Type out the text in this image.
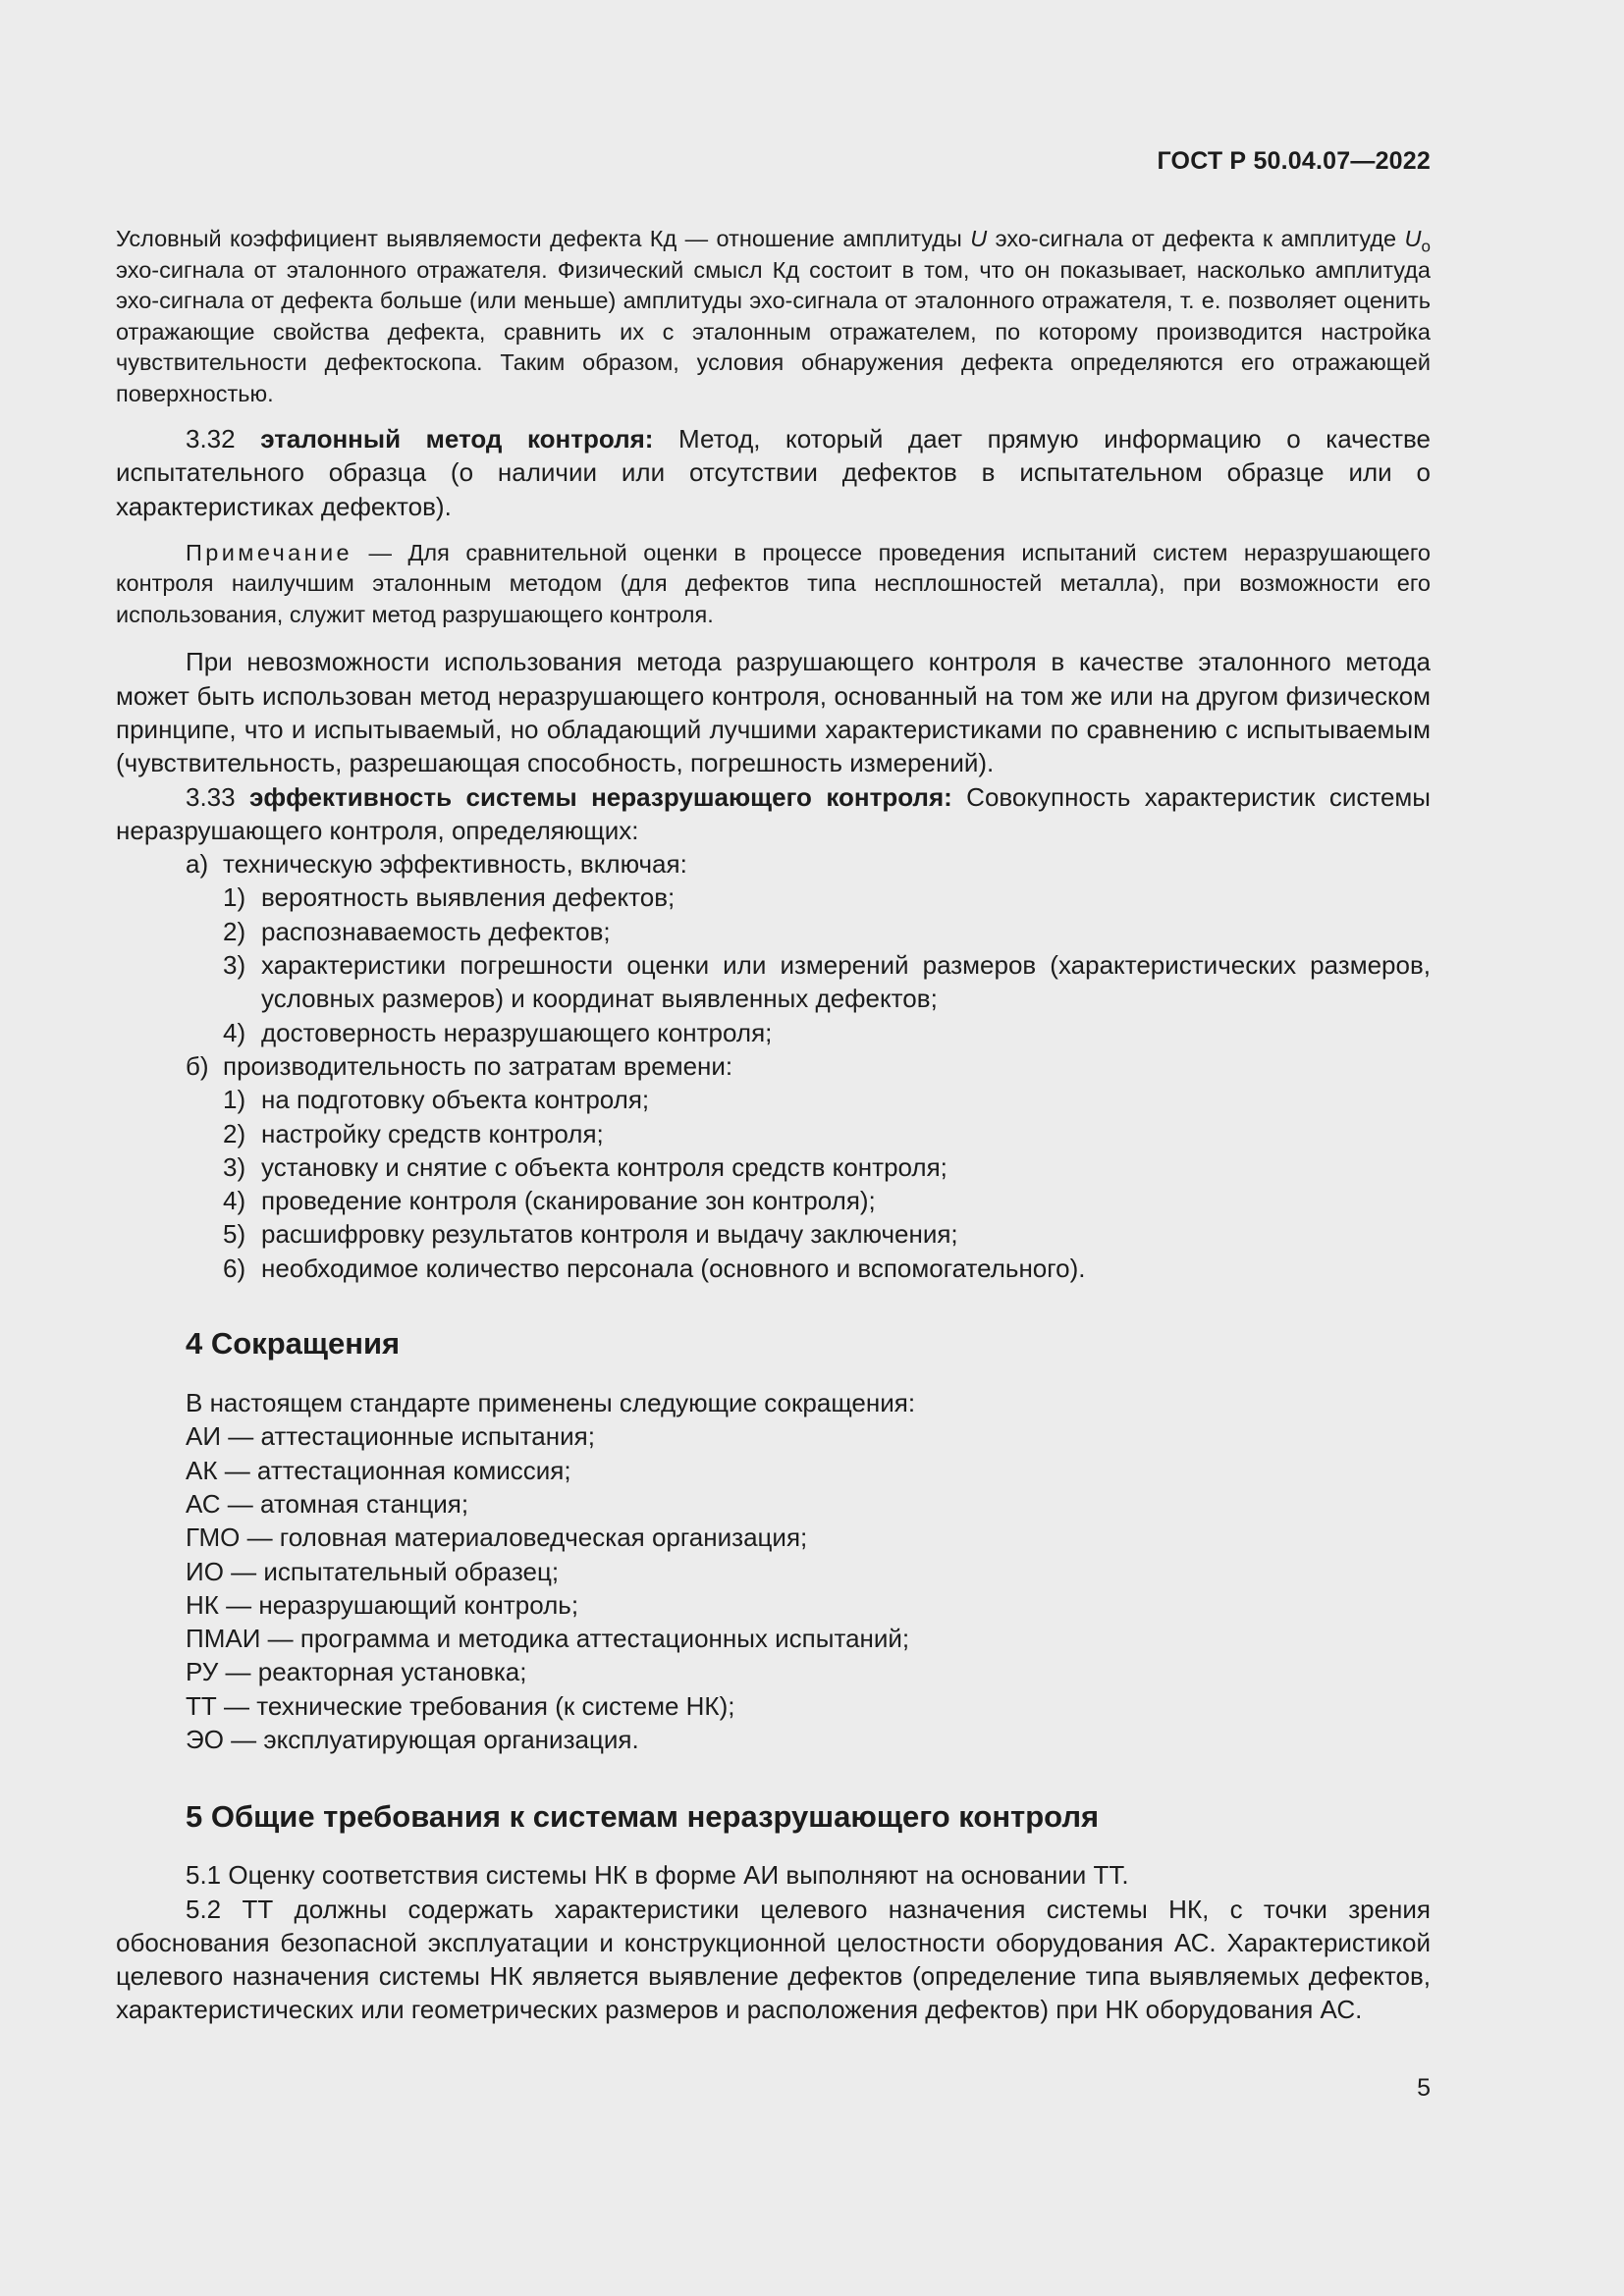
ГОСТ Р 50.04.07—2022

Условный коэффициент выявляемости дефекта Кд — отношение амплитуды U эхо-сигнала от дефекта к амплитуде $U_о$ эхо-сигнала от эталонного отражателя. Физический смысл Кд состоит в том, что он показывает, насколько амплитуда эхо-сигнала от дефекта больше (или меньше) амплитуды эхо-сигнала от эталонного отражателя, т. е. позволяет оценить отражающие свойства дефекта, сравнить их с эталонным отражателем, по которому производится настройка чувствительности дефектоскопа. Таким образом, условия обнаружения дефекта определяются его отражающей поверхностью.

3.32 эталонный метод контроля: Метод, который дает прямую информацию о качестве испытательного образца (о наличии или отсутствии дефектов в испытательном образце или о характеристиках дефектов).

Примечание — Для сравнительной оценки в процессе проведения испытаний систем неразрушающего контроля наилучшим эталонным методом (для дефектов типа несплошностей металла), при возможности его использования, служит метод разрушающего контроля.

При невозможности использования метода разрушающего контроля в качестве эталонного метода может быть использован метод неразрушающего контроля, основанный на том же или на другом физическом принципе, что и испытываемый, но обладающий лучшими характеристиками по сравнению с испытываемым (чувствительность, разрешающая способность, погрешность измерений).

3.33 эффективность системы неразрушающего контроля: Совокупность характеристик системы неразрушающего контроля, определяющих:

а) техническую эффективность, включая:
1) вероятность выявления дефектов;
2) распознаваемость дефектов;
3) характеристики погрешности оценки или измерений размеров (характеристических размеров, условных размеров) и координат выявленных дефектов;
4) достоверность неразрушающего контроля;
б) производительность по затратам времени:
1) на подготовку объекта контроля;
2) настройку средств контроля;
3) установку и снятие с объекта контроля средств контроля;
4) проведение контроля (сканирование зон контроля);
5) расшифровку результатов контроля и выдачу заключения;
6) необходимое количество персонала (основного и вспомогательного).
4 Сокращения

В настоящем стандарте применены следующие сокращения:

АИ — аттестационные испытания;

АК — аттестационная комиссия;

АС — атомная станция;

ГМО — головная материаловедческая организация;

ИО — испытательный образец;

НК — неразрушающий контроль;

ПМАИ — программа и методика аттестационных испытаний;

РУ — реакторная установка;

ТТ — технические требования (к системе НК);

ЭО — эксплуатирующая организация.

5 Общие требования к системам неразрушающего контроля

5.1 Оценку соответствия системы НК в форме АИ выполняют на основании ТТ.

5.2 ТТ должны содержать характеристики целевого назначения системы НК, с точки зрения обоснования безопасной эксплуатации и конструкционной целостности оборудования АС. Характеристикой целевого назначения системы НК является выявление дефектов (определение типа выявляемых дефектов, характеристических или геометрических размеров и расположения дефектов) при НК оборудования АС.

5
